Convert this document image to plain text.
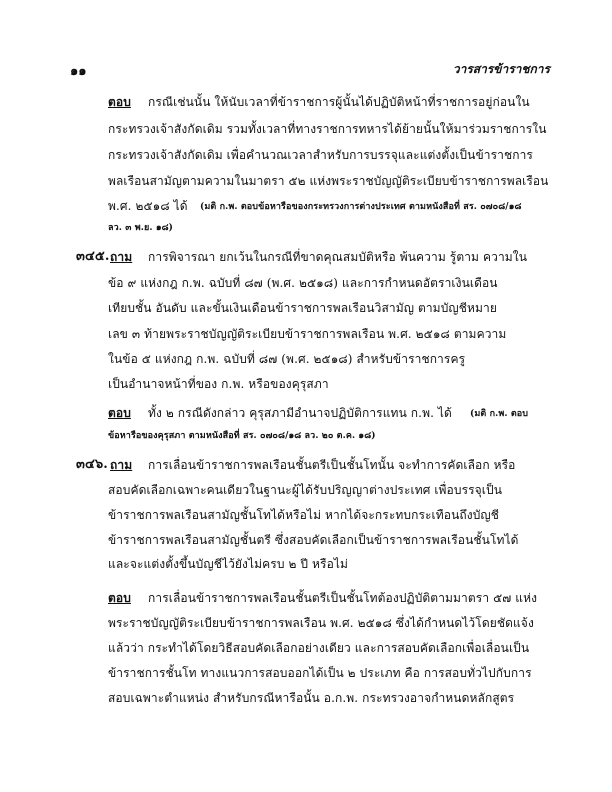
๑๑	วารสารข้าราชการ
ตอบ กรณีเช่นนั้น ให้นับเวลาที่ข้าราชการผู้นั้นได้ปฏิบัติหน้าที่ราชการอยู่ก่อนใน
กระทรวงเจ้าสังกัดเดิม รวมทั้งเวลาที่ทางราชการทหารได้ย้ายนั้นให้มาร่วมราชการใน
กระทรวงเจ้าสังกัดเดิม เพื่อคำนวณเวลาสำหรับการบรรจุและแต่งตั้งเป็นข้าราชการ
พลเรือนสามัญตามความในมาตรา ๕๒ แห่งพระราชบัญญัติระเบียบข้าราชการพลเรือน
พ.ศ. ๒๕๑๘ ได้ (มติ ก.พ. ตอบข้อหารือของกระทรวงการต่างประเทศ ตามหนังสือที่ สร. ๐๗๐๘/๑๘
ลว. ๓ พ.ย. ๑๘)
๓๔๕. ถาม การพิจารณา ยกเว้นในกรณีที่ขาดคุณสมบัติหรือ พ้นความ รู้ตาม ความใน
ข้อ ๙ แห่งกฎ ก.พ. ฉบับที่ ๘๗ (พ.ศ. ๒๕๑๘) และการกำหนดอัตราเงินเดือน
เทียบชั้น อันดับ และขั้นเงินเดือนข้าราชการพลเรือนวิสามัญ ตามบัญชีหมาย
เลข ๓ ท้ายพระราชบัญญัติระเบียบข้าราชการพลเรือน พ.ศ. ๒๕๑๘ ตามความ
ในข้อ ๕ แห่งกฎ ก.พ. ฉบับที่ ๘๗ (พ.ศ. ๒๕๑๘) สำหรับข้าราชการครู
เป็นอำนาจหน้าที่ของ ก.พ. หรือของคุรุสภา
ตอบ ทั้ง ๒ กรณีดังกล่าว คุรุสภามีอำนาจปฏิบัติการแทน ก.พ. ได้ (มติ ก.พ. ตอบ
ข้อหารือของคุรุสภา ตามหนังสือที่ สร. ๐๗๐๘/๑๘ ลว. ๒๐ ต.ค. ๑๘)
๓๔๖. ถาม การเลื่อนข้าราชการพลเรือนชั้นตรีเป็นชั้นโทนั้น จะทำการคัดเลือก หรือ
สอบคัดเลือกเฉพาะคนเดียวในฐานะผู้ได้รับปริญญาต่างประเทศ เพื่อบรรจุเป็น
ข้าราชการพลเรือนสามัญชั้นโทได้หรือไม่ หากได้จะกระทบกระเทือนถึงบัญชี
ข้าราชการพลเรือนสามัญชั้นตรี ซึ่งสอบคัดเลือกเป็นข้าราชการพลเรือนชั้นโทได้
และจะแต่งตั้งขึ้นบัญชีไว้ยังไม่ครบ ๒ ปี หรือไม่
ตอบ การเลื่อนข้าราชการพลเรือนชั้นตรีเป็นชั้นโทต้องปฏิบัติตามมาตรา ๕๗ แห่ง
พระราชบัญญัติระเบียบข้าราชการพลเรือน พ.ศ. ๒๕๑๘ ซึ่งได้กำหนดไว้โดยชัดแจ้ง
แล้วว่า กระทำได้โดยวิธีสอบคัดเลือกอย่างเดียว และการสอบคัดเลือกเพื่อเลื่อนเป็น
ข้าราชการชั้นโท ทางแนวการสอบออกได้เป็น ๒ ประเภท คือ การสอบทั่วไปกับการ
สอบเฉพาะตำแหน่ง สำหรับกรณีหารือนั้น อ.ก.พ. กระทรวงอาจกำหนดหลักสูตร
